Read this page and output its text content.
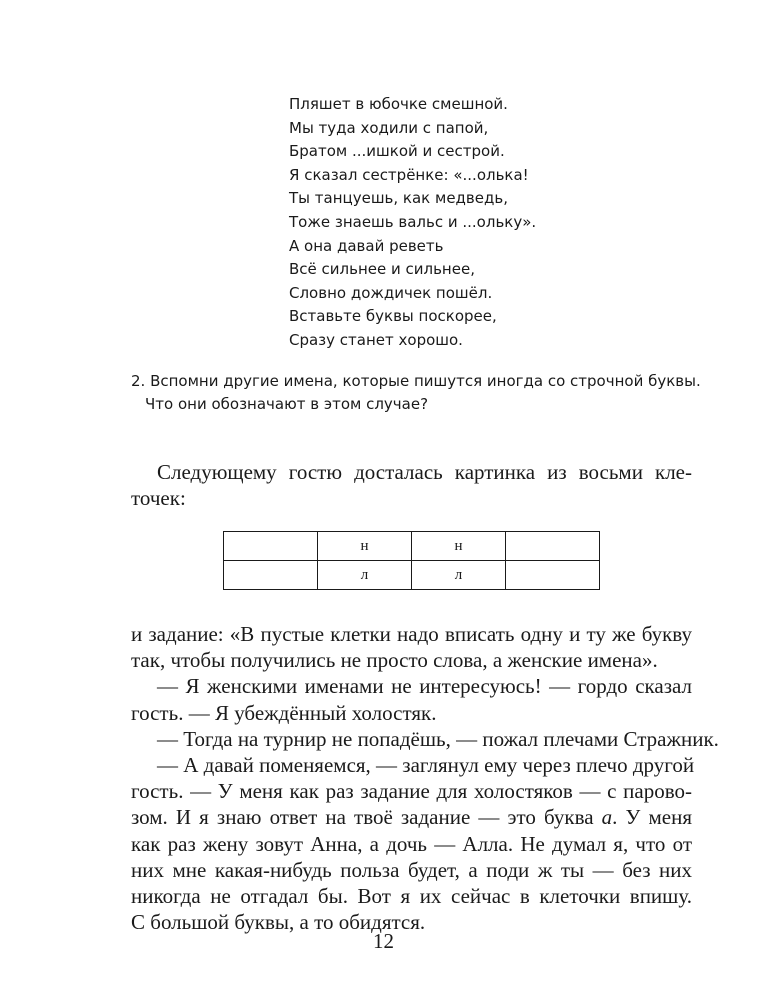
Пляшет в юбочке смешной.
Мы туда ходили с папой,
Братом ...ишкой и сестрой.
Я сказал сестрёнке: «...олька!
Ты танцуешь, как медведь,
Тоже знаешь вальс и ...ольку».
А она давай реветь
Всё сильнее и сильнее,
Словно дождичек пошёл.
Вставьте буквы поскорее,
Сразу станет хорошо.
2. Вспомни другие имена, которые пишутся иногда со строчной буквы.
Что они обозначают в этом случае?
Следующему гостю досталась картинка из восьми кле-
точек:
	н	н	
	л	л	
и задание: «В пустые клетки надо вписать одну и ту же букву
так, чтобы получились не просто слова, а женские имена».
— Я женскими именами не интересуюсь! — гордо сказал
гость. — Я убеждённый холостяк.
— Тогда на турнир не попадёшь, — пожал плечами Стражник.
— А давай поменяемся, — заглянул ему через плечо другой
гость. — У меня как раз задание для холостяков — с парово-
зом. И я знаю ответ на твоё задание — это буква а. У меня
как раз жену зовут Анна, а дочь — Алла. Не думал я, что от
них мне какая-нибудь польза будет, а поди ж ты — без них
никогда не отгадал бы. Вот я их сейчас в клеточки впишу.
С большой буквы, а то обидятся.
12
